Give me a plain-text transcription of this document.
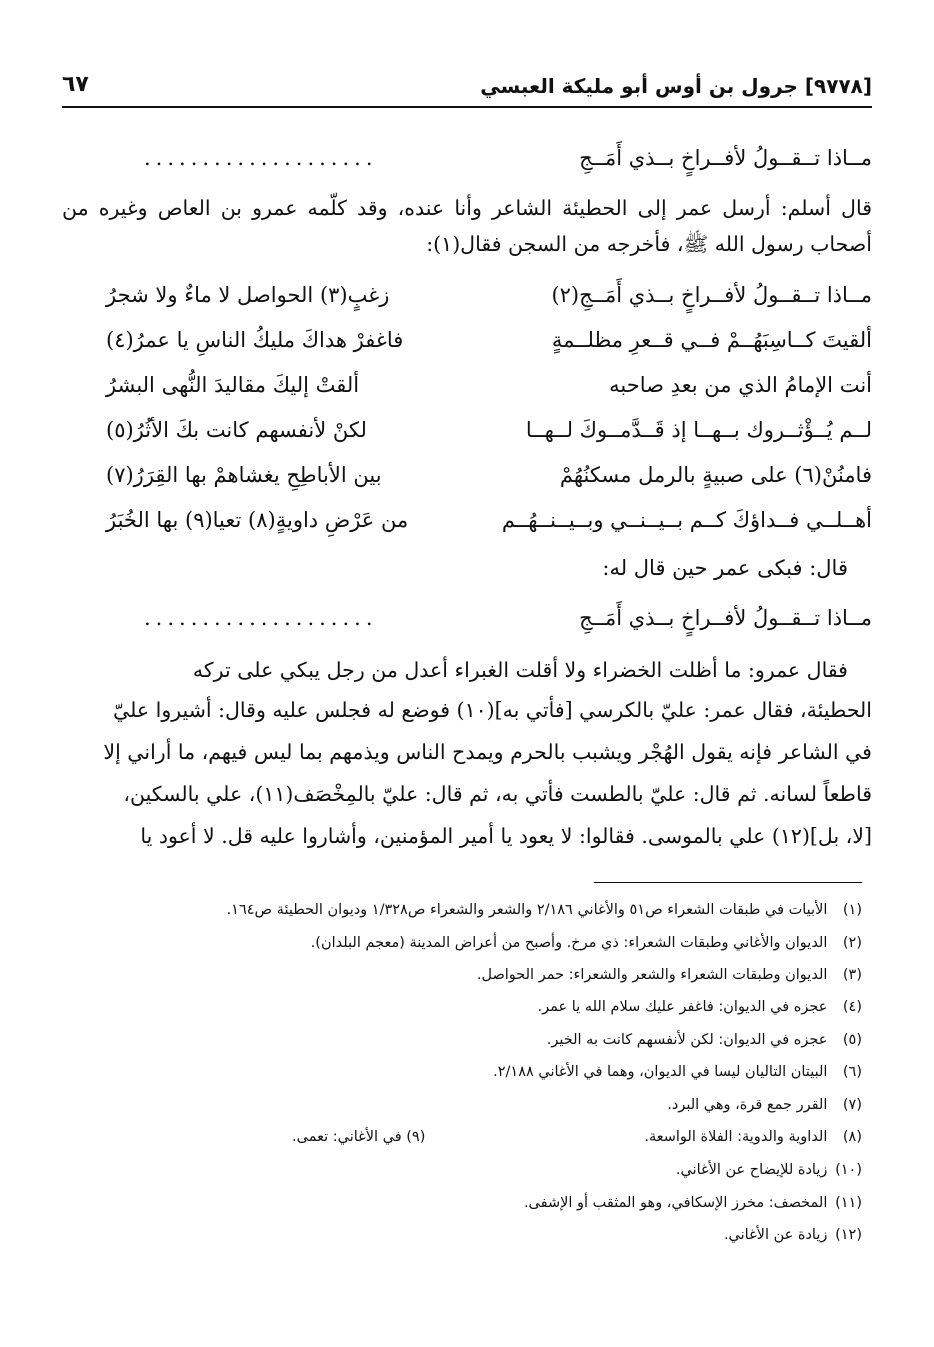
[٩٧٧٨] جرول بن أوس أبو مليكة العبسي
٦٧
مــاذا تــقــولُ لأفــراخٍ بــذي أَمَــجِ
....................
قال أسلم: أرسل عمر إلى الحطيئة الشاعر وأنا عنده، وقد كلّمه عمرو بن العاص وغيره من أصحاب رسول الله ﷺ، فأخرجه من السجن فقال(١):
مــاذا تــقــولُ لأفــراخٍ بــذي أَمَــجِ(٢)
زغبٍ(٣) الحواصل لا ماءٌ ولا شجرُ
ألقيتَ كــاسِبَهُــمْ فــي قــعرِ مظلــمةٍ
فاغفرْ هداكَ مليكُ الناسِ يا عمرُ(٤)
أنت الإمامُ الذي من بعدِ صاحبه
ألقتْ إليكَ مقاليدَ النُّهى البشرُ
لــم يُــؤْثــروك بــهــا إذ قَــدَّمــوكَ لــهــا
لكنْ لأنفسهم كانت بكَ الأثُرُ(٥)
فامنُنْ(٦) على صبيةٍ بالرمل مسكنُهُمْ
بين الأباطِحِ يغشاهمْ بها القِرَرُ(٧)
أهــلــي فــداؤكَ كــم بــيــنــي وبــيــنــهُــم
من عَرْضِ داويةٍ(٨) تعيا(٩) بها الخُبَرُ
قال: فبكى عمر حين قال له:
مــاذا تــقــولُ لأفــراخٍ بــذي أَمَــجِ
....................
فقال عمرو: ما أظلت الخضراء ولا أقلت الغبراء أعدل من رجل يبكي على تركه
الحطيئة، فقال عمر: عليّ بالكرسي [فأتي به](١٠) فوضع له فجلس عليه وقال: أشيروا عليّ
في الشاعر فإنه يقول الهُجْر ويشبب بالحرم ويمدح الناس ويذمهم بما ليس فيهم، ما أراني إلا
قاطعاً لسانه. ثم قال: عليّ بالطست فأتي به، ثم قال: عليّ بالمِخْصَف(١١)، علي بالسكين،
[لا، بل](١٢) علي بالموسى. فقالوا: لا يعود يا أمير المؤمنين، وأشاروا عليه قل. لا أعود يا
(١) الأبيات في طبقات الشعراء ص٥١ والأغاني ٢/١٨٦ والشعر والشعراء ص١/٣٢٨ وديوان الحطيئة ص١٦٤.
(٢) الديوان والأغاني وطبقات الشعراء: ذي مرخ. وأصبح من أعراض المدينة (معجم البلدان).
(٣) الديوان وطبقات الشعراء والشعر والشعراء: حمر الحواصل.
(٤) عجزه في الديوان: فاغفر عليك سلام الله يا عمر.
(٥) عجزه في الديوان: لكن لأنفسهم كانت به الخير.
(٦) البيتان التاليان ليسا في الديوان، وهما في الأغاني ٢/١٨٨.
(٧) القرر جمع قرة، وهي البرد.
(٨) الداوية والدوية: الفلاة الواسعة.
(٩) في الأغاني: تعمى.
(١٠) زيادة للإيضاح عن الأغاني.
(١١) المخصف: مخرز الإسكافي، وهو المثقب أو الإشفى.
(١٢) زيادة عن الأغاني.
